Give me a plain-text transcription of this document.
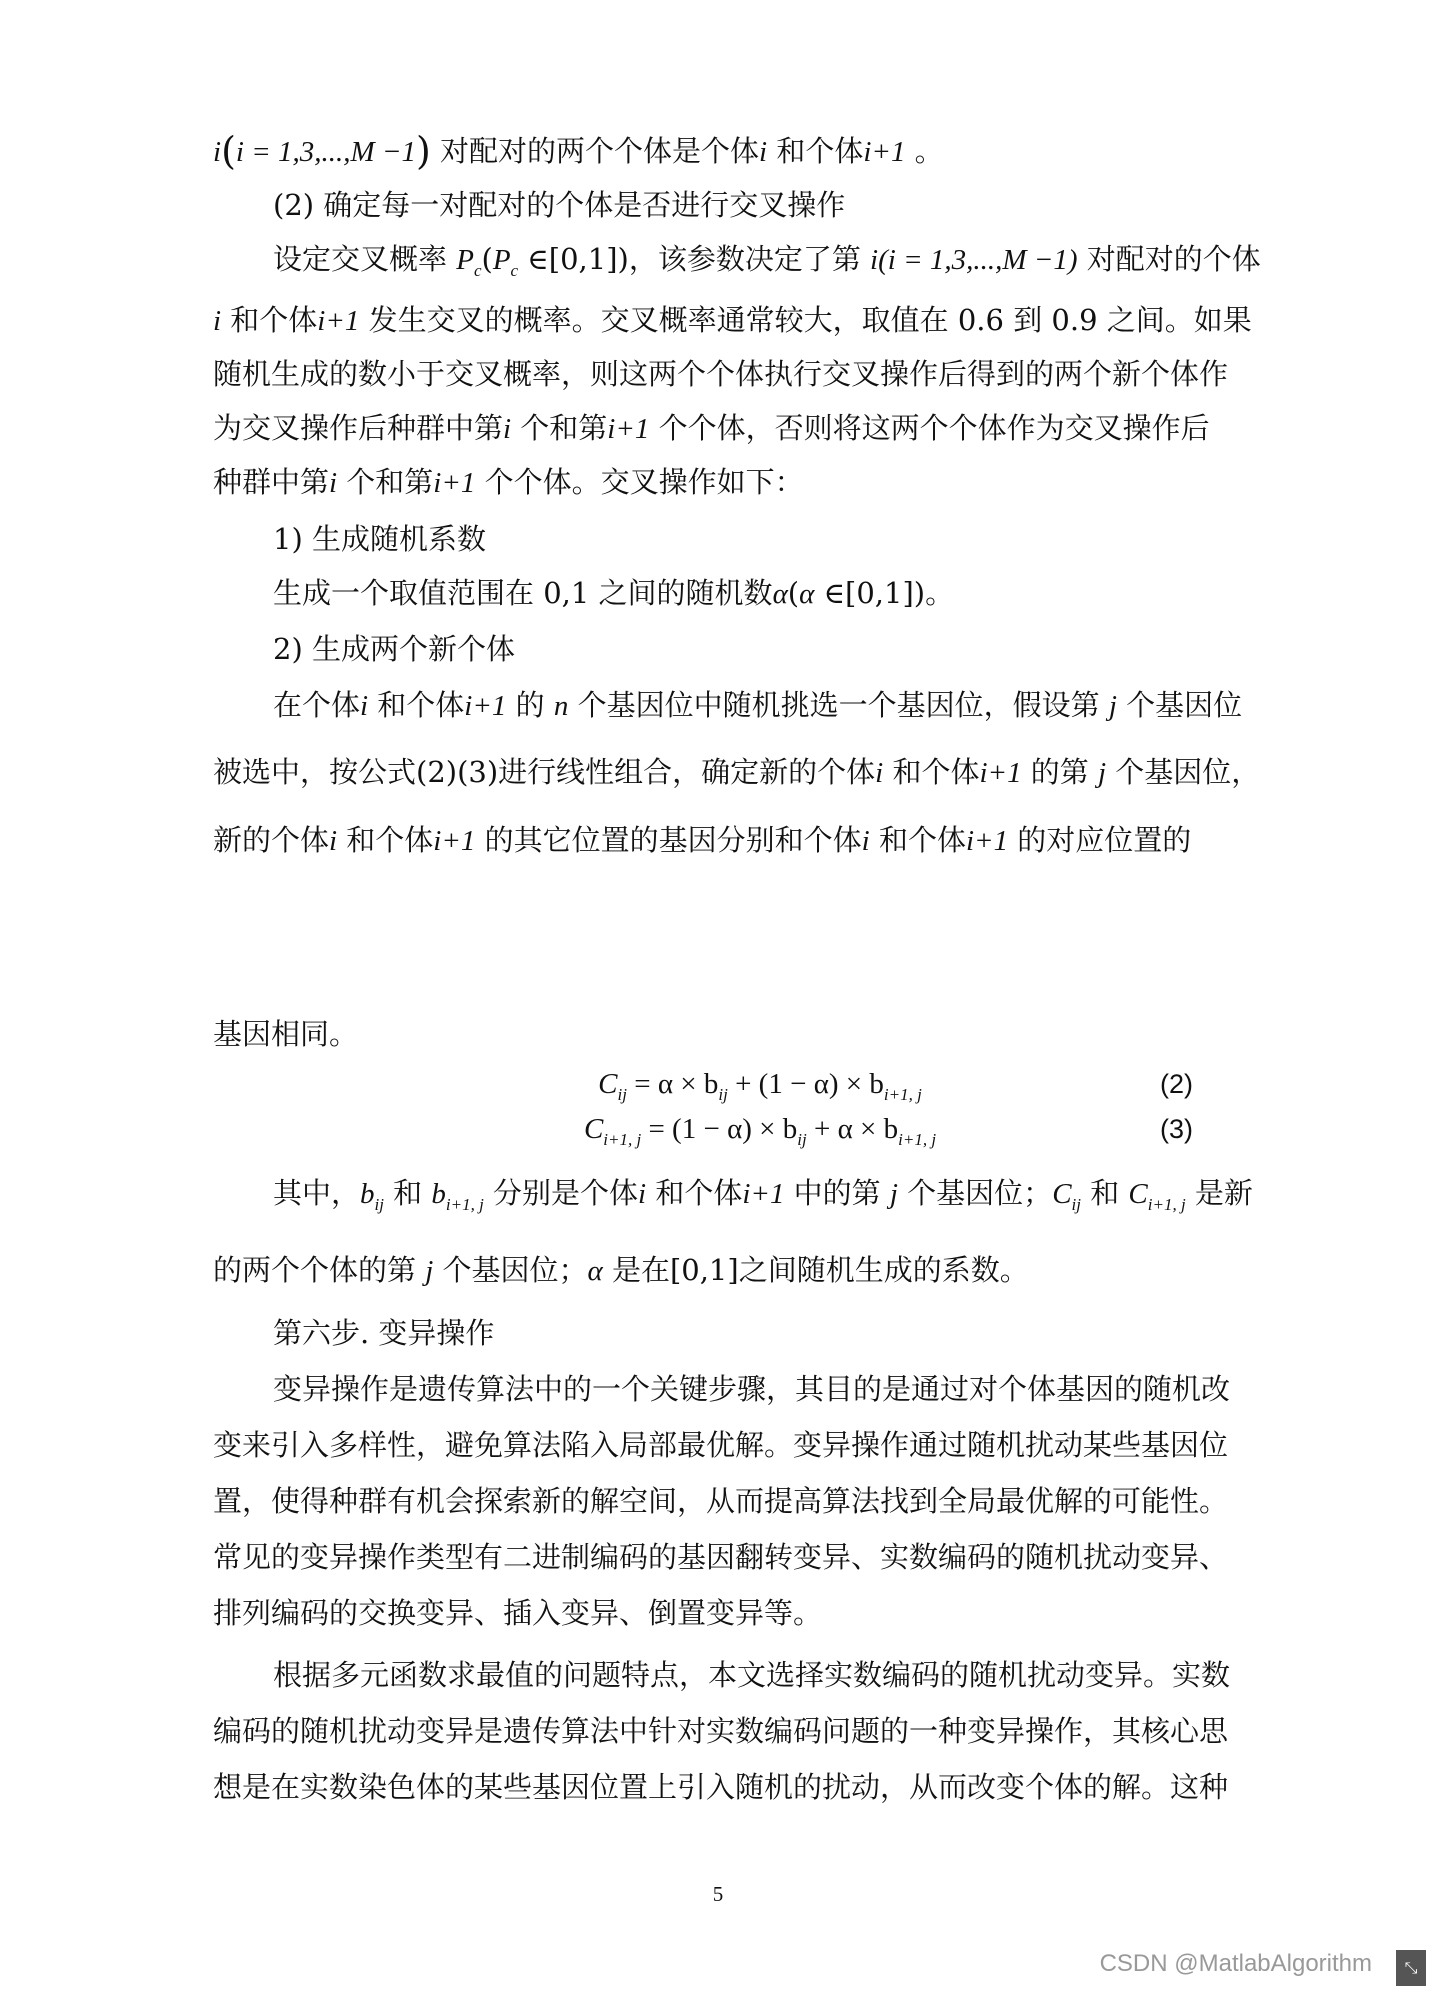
i(i = 1,3,...,M −1) 对配对的两个个体是个体i 和个体i+1 。
(2) 确定每一对配对的个体是否进行交叉操作
设定交叉概率 $P_c(P_c$ ∈[0,1])，该参数决定了第 i(i = 1,3,...,M −1) 对配对的个体
i 和个体i+1 发生交叉的概率。交叉概率通常较大，取值在 0.6 到 0.9 之间。如果
随机生成的数小于交叉概率，则这两个个体执行交叉操作后得到的两个新个体作
为交叉操作后种群中第i 个和第i+1 个个体，否则将这两个个体作为交叉操作后
种群中第i 个和第i+1 个个体。交叉操作如下：
1) 生成随机系数
生成一个取值范围在 0,1 之间的随机数α(α ∈[0,1])。
2) 生成两个新个体
在个体i 和个体i+1 的 n 个基因位中随机挑选一个基因位，假设第 j 个基因位
被选中，按公式(2)(3)进行线性组合，确定新的个体i 和个体i+1 的第 j 个基因位，
新的个体i 和个体i+1 的其它位置的基因分别和个体i 和个体i+1 的对应位置的
$C_{ij} = \alpha \times b_{ij} + (1 - \alpha) \times b_{i+1, j}$	(2)
$C_{i+1, j} = (1 - \alpha) \times b_{ij} + \alpha \times b_{i+1, j}$	(3)
基因相同。
其中，$b_{ij}$ 和 $b_{i+1, j}$ 分别是个体i 和个体i+1 中的第 j 个基因位；$C_{ij}$ 和 $C_{i+1, j}$ 是新
的两个个体的第 j 个基因位；α 是在[0,1]之间随机生成的系数。
第六步. 变异操作
变异操作是遗传算法中的一个关键步骤，其目的是通过对个体基因的随机改
变来引入多样性，避免算法陷入局部最优解。变异操作通过随机扰动某些基因位
置，使得种群有机会探索新的解空间，从而提高算法找到全局最优解的可能性。
常见的变异操作类型有二进制编码的基因翻转变异、实数编码的随机扰动变异、
排列编码的交换变异、插入变异、倒置变异等。
根据多元函数求最值的问题特点，本文选择实数编码的随机扰动变异。实数
编码的随机扰动变异是遗传算法中针对实数编码问题的一种变异操作，其核心思
想是在实数染色体的某些基因位置上引入随机的扰动，从而改变个体的解。这种
5
CSDN @MatlabAlgorithm	⤡
